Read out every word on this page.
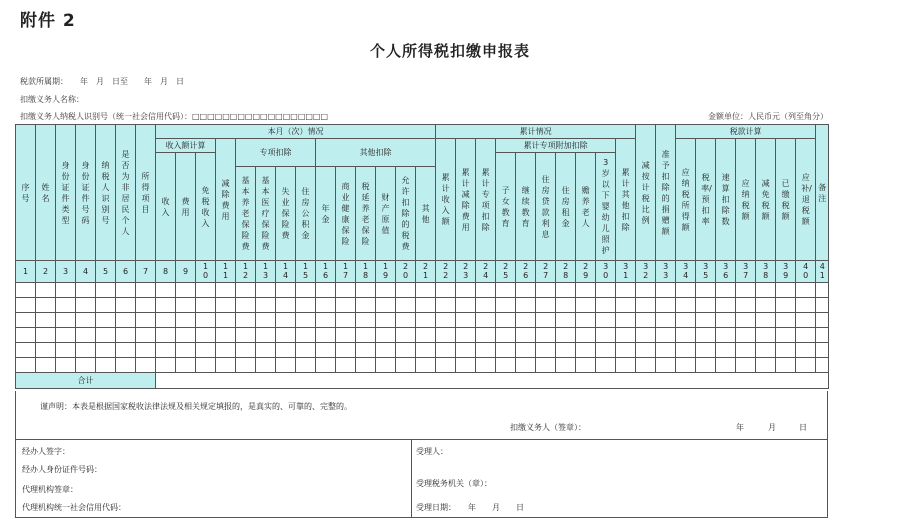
附件 2
个人所得税扣缴申报表
税款所属期：　　年　月　日至　　年　月　日
扣缴义务人名称：
扣缴义务人纳税人识别号（统一社会信用代码）：□□□□□□□□□□□□□□□□□□	金额单位：人民币元（列至角分）
序号	姓名	身份证件类型	身份证件号码	纳税人识别号	是否为非居民个人	所得项目	本月（次）情况														累计情况										减按计税比例	准予扣除的捐赠额	税款计算							备注
							收入额计算			减除费用	专项扣除				其他扣除						累计收入额	累计减除费用	累计专项扣除	累计专项附加扣除						累计其他扣除			应纳税所得额	税率/预扣率	速算扣除数	应纳税额	减免税额	已缴税额	应补/退税额	
							收入	费用	免税收入															子女教育	继续教育	住房贷款利息	住房租金	赡养老人	3岁以下婴幼儿照护											
											基本养老保险费	基本医疗保险费	失业保险费	住房公积金	年金	商业健康保险	税延养老保险	财产原值	允许扣除的税费	其他																				
1	2	3	4	5	6	7	8	9	10	11	12	13	14	15	16	17	18	19	20	21	22	23	24	25	26	27	28	29	30	31	32	33	34	35	36	37	38	39	40	41

合计																																								
谨声明：本表是根据国家税收法律法规及相关规定填报的，是真实的、可靠的、完整的。
扣缴义务人（签章）：	年	月	日
经办人签字：
经办人身份证件号码：
代理机构签章：
代理机构统一社会信用代码：
受理人：
受理税务机关（章）：
受理日期：　　年　　月　　日
